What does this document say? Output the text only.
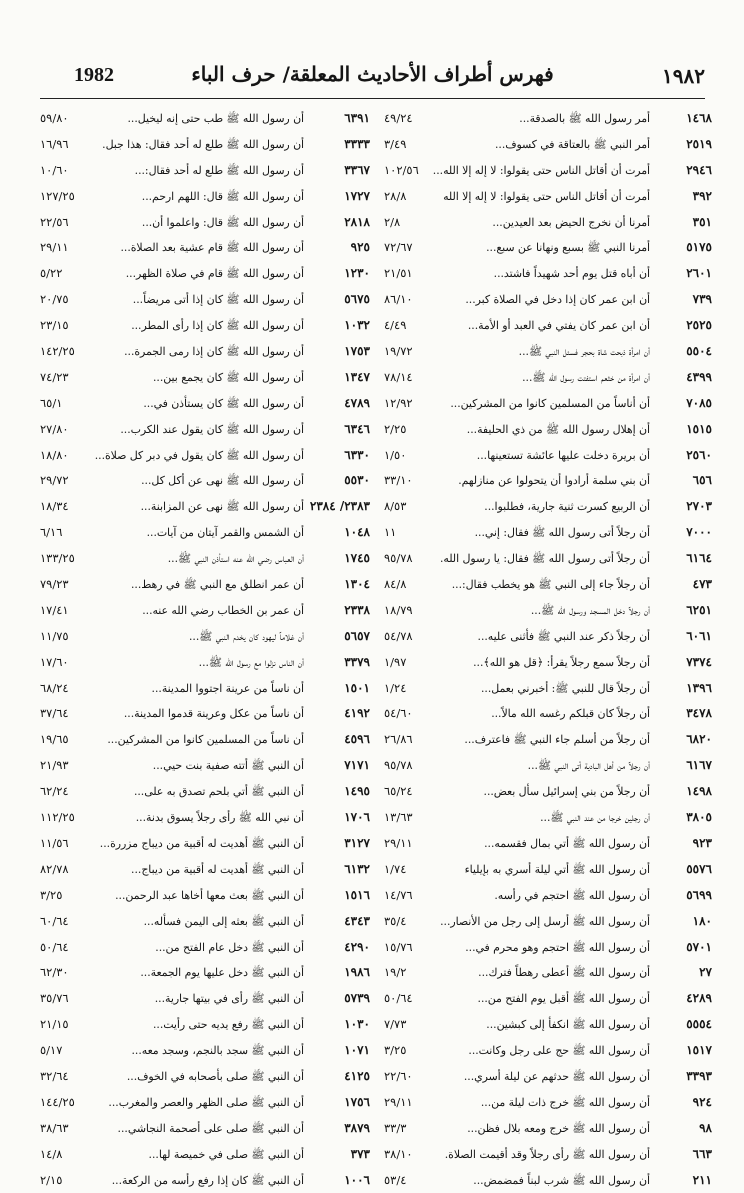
1982	فهرس أطراف الأحاديث المعلقة/ حرف الباء	١٩٨٢
١٤٦٨
أمر رسول الله ﷺ بالصدقة...
٤٩/٢٤
٢٥١٩
أمر النبي ﷺ بالعتاقة في كسوف...
٣/٤٩
٢٩٤٦
أمرت أن أقاتل الناس حتى يقولوا: لا إله إلا الله...
١٠٢/٥٦
٣٩٢
أمرت أن أقاتل الناس حتى يقولوا: لا إله إلا الله
٢٨/٨
٣٥١
أمرنا أن نخرج الحيض بعد العيدين...
٢/٨
٥١٧٥
أمرنا النبي ﷺ بسبع ونهانا عن سبع...
٧٢/٦٧
٢٦٠١
أن أباه قتل يوم أحد شهيداً فاشتد...
٢١/٥١
٧٣٩
أن ابن عمر كان إذا دخل في الصلاة كبر...
٨٦/١٠
٢٥٢٥
أن ابن عمر كان يفتي في العبد أو الأمة...
٤/٤٩
٥٥٠٤
أن امرأة ذبحت شاة بحجر فسئل النبي ﷺ...
١٩/٧٢
٤٣٩٩
أن امرأة من خثعم استفتت رسول الله ﷺ...
٧٨/١٤
٧٠٨٥
أن أناساً من المسلمين كانوا من المشركين...
١٢/٩٢
١٥١٥
أن إهلال رسول الله ﷺ من ذي الحليفة...
٢/٢٥
٢٥٦٠
أن بريرة دخلت عليها عائشة تستعينها...
١/٥٠
٦٥٦
أن بني سلمة أرادوا أن يتحولوا عن منازلهم.
٣٣/١٠
٢٧٠٣
أن الربيع كسرت ثنية جارية، فطلبوا...
٨/٥٣
٧٠٠٠
أن رجلاً أتى رسول الله ﷺ فقال: إني...
١١
٦١٦٤
أن رجلاً أتى رسول الله ﷺ فقال: يا رسول الله.
٩٥/٧٨
٤٧٣
أن رجلاً جاء إلى النبي ﷺ هو يخطب فقال:...
٨٤/٨
٦٢٥١
أن رجلاً دخل المسجد ورسول الله ﷺ...
١٨/٧٩
٦٠٦١
أن رجلاً ذكر عند النبي ﷺ فأثنى عليه...
٥٤/٧٨
٧٣٧٤
أن رجلاً سمع رجلاً يقرأ: ﴿قل هو الله﴾...
١/٩٧
١٣٩٦
أن رجلاً قال للنبي ﷺ: أخبرني بعمل...
١/٢٤
٣٤٧٨
أن رجلاً كان قبلكم رغسه الله مالاً...
٥٤/٦٠
٦٨٢٠
أن رجلاً من أسلم جاء النبي ﷺ فاعترف...
٢٦/٨٦
٦١٦٧
أن رجلاً من أهل البادية أتى النبي ﷺ...
٩٥/٧٨
١٤٩٨
أن رجلاً من بني إسرائيل سأل بعض...
٦٥/٢٤
٣٨٠٥
أن رجلين خرجا من عند النبي ﷺ...
١٣/٦٣
٩٢٣
أن رسول الله ﷺ أتي بمال فقسمه...
٢٩/١١
٥٥٧٦
أن رسول الله ﷺ أتي ليلة أسري به بإيلياء
١/٧٤
٥٦٩٩
أن رسول الله ﷺ احتجم في رأسه.
١٤/٧٦
١٨٠
أن رسول الله ﷺ أرسل إلى رجل من الأنصار...
٣٥/٤
٥٧٠١
أن رسول الله ﷺ احتجم وهو محرم في...
١٥/٧٦
٢٧
أن رسول الله ﷺ أعطى رهطاً فترك...
١٩/٢
٤٢٨٩
أن رسول الله ﷺ أقبل يوم الفتح من...
٥٠/٦٤
٥٥٥٤
أن رسول الله ﷺ انكفأ إلى كبشين...
٧/٧٣
١٥١٧
أن رسول الله ﷺ حج على رجل وكانت...
٣/٢٥
٣٣٩٣
أن رسول الله ﷺ حدثهم عن ليلة أسري...
٢٢/٦٠
٩٢٤
أن رسول الله ﷺ خرج ذات ليلة من...
٢٩/١١
٩٨
أن رسول الله ﷺ خرج ومعه بلال فظن...
٣٣/٣
٦٦٣
أن رسول الله ﷺ رأى رجلاً وقد أقيمت الصلاة.
٣٨/١٠
٢١١
أن رسول الله ﷺ شرب لبناً فمضمض...
٥٣/٤
٦٣٩١
أن رسول الله ﷺ طب حتى إنه ليخيل...
٥٩/٨٠
٣٣٣٣
أن رسول الله ﷺ طلع له أحد فقال: هذا جبل.
١٦/٩٦
٣٣٦٧
أن رسول الله ﷺ طلع له أحد فقال:...
١٠/٦٠
١٧٢٧
أن رسول الله ﷺ قال: اللهم ارحم...
١٢٧/٢٥
٢٨١٨
أن رسول الله ﷺ قال: واعلموا أن...
٢٢/٥٦
٩٢٥
أن رسول الله ﷺ قام عشية بعد الصلاة...
٢٩/١١
١٢٣٠
أن رسول الله ﷺ قام في صلاة الظهر...
٥/٢٢
٥٦٧٥
أن رسول الله ﷺ كان إذا أتى مريضاً...
٢٠/٧٥
١٠٣٢
أن رسول الله ﷺ كان إذا رأى المطر...
٢٣/١٥
١٧٥٣
أن رسول الله ﷺ كان إذا رمى الجمرة...
١٤٢/٢٥
١٣٤٧
أن رسول الله ﷺ كان يجمع بين...
٧٤/٢٣
٤٧٨٩
أن رسول الله ﷺ كان يستأذن في...
٦٥/١
٦٣٤٦
أن رسول الله ﷺ كان يقول عند الكرب...
٢٧/٨٠
٦٣٣٠
أن رسول الله ﷺ كان يقول في دبر كل صلاة...
١٨/٨٠
٥٥٣٠
أن رسول الله ﷺ نهى عن أكل كل...
٢٩/٧٢
٢٣٨٣/ ٢٣٨٤
أن رسول الله ﷺ نهى عن المزابنة...
١٨/٣٤
١٠٤٨
أن الشمس والقمر آيتان من آيات...
٦/١٦
١٧٤٥
أن العباس رضي الله عنه استأذن النبي ﷺ...
١٣٣/٢٥
١٣٠٤
أن عمر انطلق مع النبي ﷺ في رهط...
٧٩/٢٣
٢٣٣٨
أن عمر بن الخطاب رضي الله عنه...
١٧/٤١
٥٦٥٧
أن غلاماً ليهود كان يخدم النبي ﷺ...
١١/٧٥
٣٣٧٩
أن الناس نزلوا مع رسول الله ﷺ...
١٧/٦٠
١٥٠١
أن ناساً من عرينة اجتووا المدينة...
٦٨/٢٤
٤١٩٢
أن ناساً من عكل وعرينة قدموا المدينة...
٣٧/٦٤
٤٥٩٦
أن ناساً من المسلمين كانوا من المشركين...
١٩/٦٥
٧١٧١
أن النبي ﷺ أتته صفية بنت حيي...
٢١/٩٣
١٤٩٥
أن النبي ﷺ أتي بلحم تصدق به على...
٦٢/٢٤
١٧٠٦
أن نبي الله ﷺ رأى رجلاً يسوق بدنة...
١١٢/٢٥
٣١٢٧
أن النبي ﷺ أهديت له أقبية من ديباج مزررة...
١١/٥٦
٦١٣٢
أن النبي ﷺ أهديت له أقبية من ديباج...
٨٢/٧٨
١٥١٦
أن النبي ﷺ بعث معها أخاها عبد الرحمن...
٣/٢٥
٤٣٤٣
أن النبي ﷺ بعثه إلى اليمن فسأله...
٦٠/٦٤
٤٢٩٠
أن النبي ﷺ دخل عام الفتح من...
٥٠/٦٤
١٩٨٦
أن النبي ﷺ دخل عليها يوم الجمعة...
٦٢/٣٠
٥٧٣٩
أن النبي ﷺ رأى في بيتها جارية...
٣٥/٧٦
١٠٣٠
أن النبي ﷺ رفع يديه حتى رأيت...
٢١/١٥
١٠٧١
أن النبي ﷺ سجد بالنجم، وسجد معه...
٥/١٧
٤١٢٥
أن النبي ﷺ صلى بأصحابه في الخوف...
٣٢/٦٤
١٧٥٦
أن النبي ﷺ صلى الظهر والعصر والمغرب...
١٤٤/٢٥
٣٨٧٩
أن النبي ﷺ صلى على أصحمة النجاشي...
٣٨/٦٣
٣٧٣
أن النبي ﷺ صلى في خميصة لها...
١٤/٨
١٠٠٦
أن النبي ﷺ كان إذا رفع رأسه من الركعة...
٢/١٥
